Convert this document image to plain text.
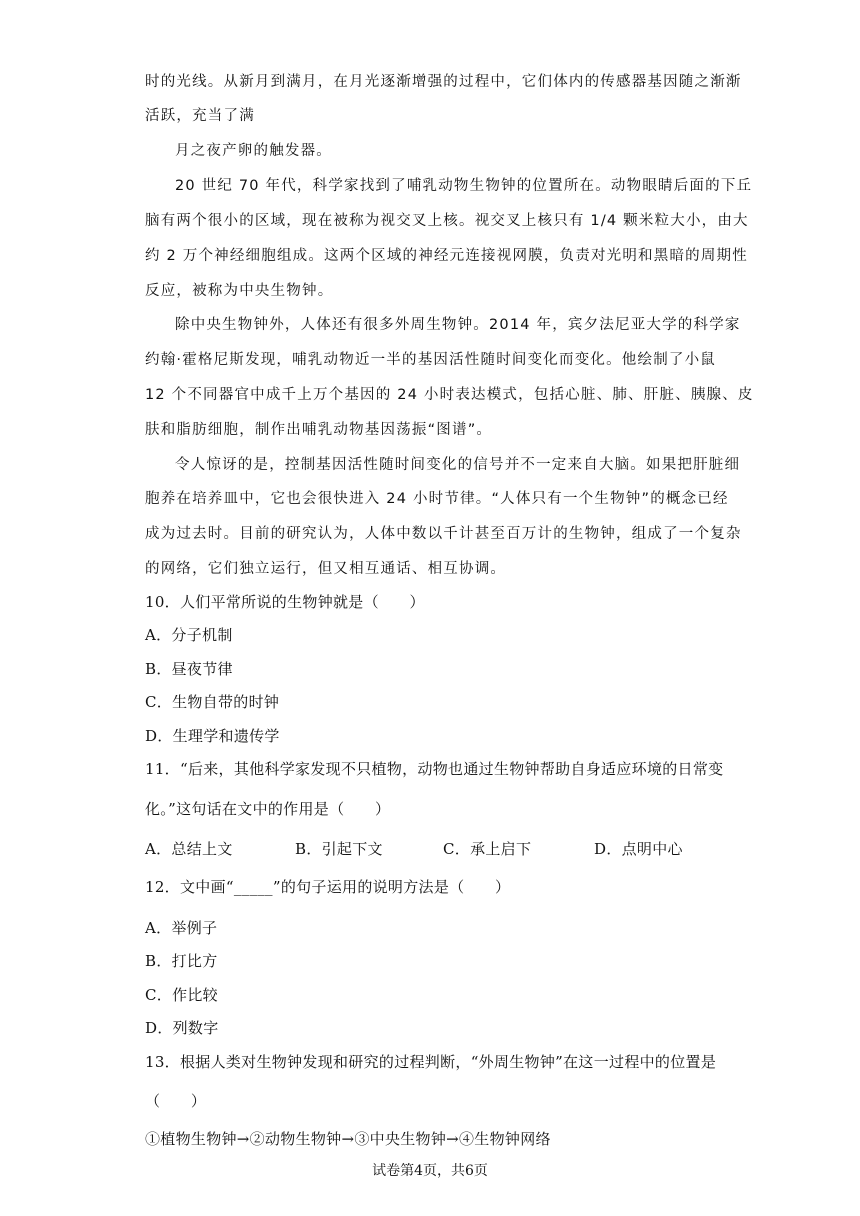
时的光线。从新月到满月，在月光逐渐增强的过程中，它们体内的传感器基因随之渐渐
活跃，充当了满
月之夜产卵的触发器。
20 世纪 70 年代，科学家找到了哺乳动物生物钟的位置所在。动物眼睛后面的下丘
脑有两个很小的区域，现在被称为视交叉上核。视交叉上核只有 1/4 颗米粒大小，由大
约 2 万个神经细胞组成。这两个区域的神经元连接视网膜，负责对光明和黑暗的周期性
反应，被称为中央生物钟。
除中央生物钟外，人体还有很多外周生物钟。2014 年，宾夕法尼亚大学的科学家
约翰·霍格尼斯发现，哺乳动物近一半的基因活性随时间变化而变化。他绘制了小鼠
12 个不同器官中成千上万个基因的 24 小时表达模式，包括心脏、肺、肝脏、胰腺、皮
肤和脂肪细胞，制作出哺乳动物基因荡振“图谱”。
令人惊讶的是，控制基因活性随时间变化的信号并不一定来自大脑。如果把肝脏细
胞养在培养皿中，它也会很快进入 24 小时节律。“人体只有一个生物钟”的概念已经
成为过去时。目前的研究认为，人体中数以千计甚至百万计的生物钟，组成了一个复杂
的网络，它们独立运行，但又相互通话、相互协调。
10．人们平常所说的生物钟就是（　　）
A．分子机制
B．昼夜节律
C．生物自带的时钟
D．生理学和遗传学
11．“后来，其他科学家发现不只植物，动物也通过生物钟帮助自身适应环境的日常变
化。”这句话在文中的作用是（　　）
A．总结上文	B．引起下文	C．承上启下	D．点明中心
12．文中画“_____”的句子运用的说明方法是（　　）
A．举例子
B．打比方
C．作比较
D．列数字
13．根据人类对生物钟发现和研究的过程判断，“外周生物钟”在这一过程中的位置是
（　　）
①植物生物钟→②动物生物钟→③中央生物钟→④生物钟网络
试卷第4页，共6页
